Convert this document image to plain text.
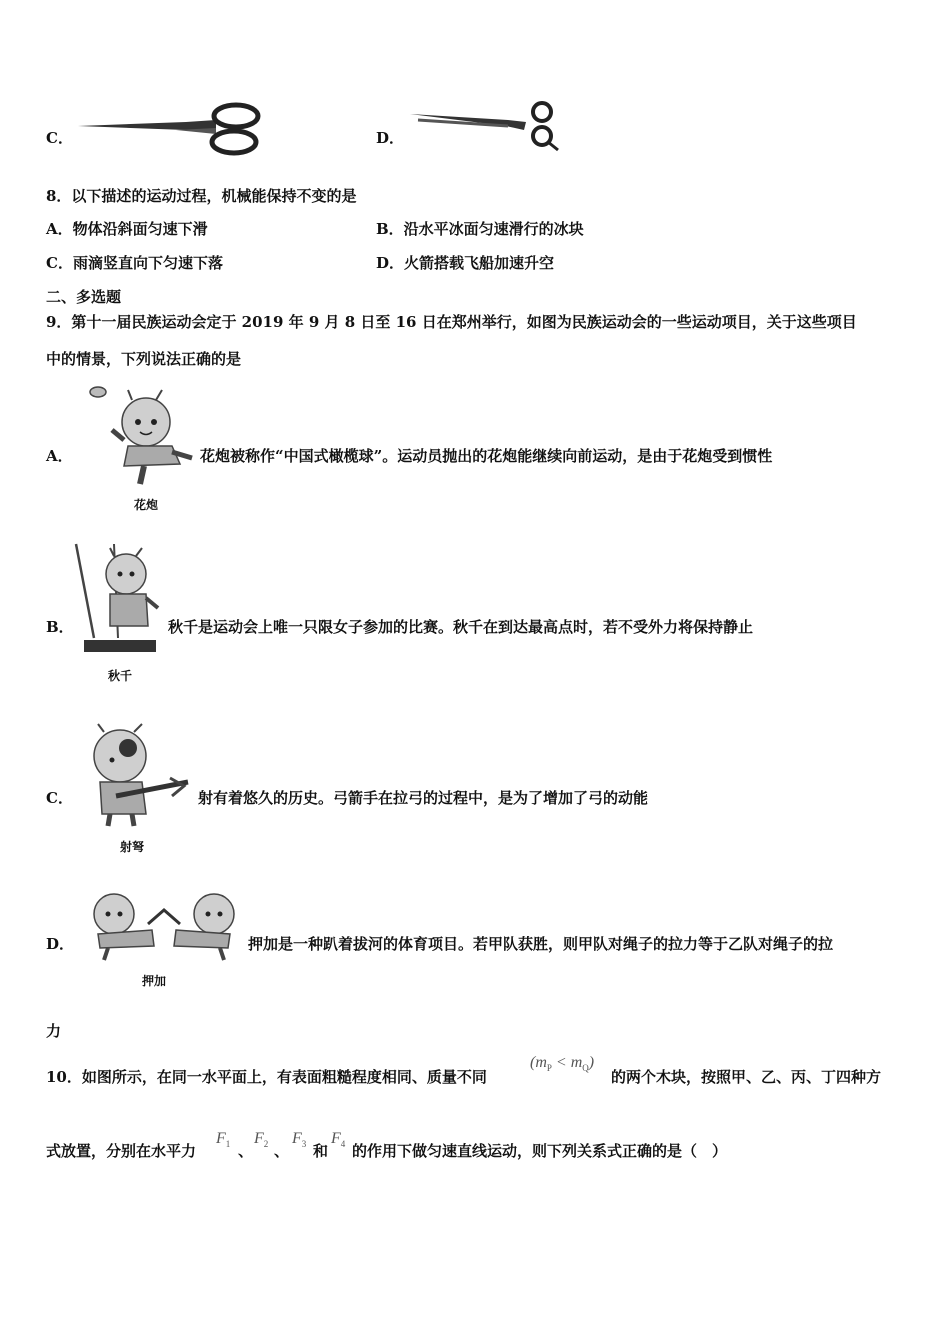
C．	D．
8．以下描述的运动过程，机械能保持不变的是
A．物体沿斜面匀速下滑	B．沿水平冰面匀速滑行的冰块
C．雨滴竖直向下匀速下落	D．火箭搭载飞船加速升空
二、多选题
9．第十一届民族运动会定于 2019 年 9 月 8 日至 16 日在郑州举行，如图为民族运动会的一些运动项目，关于这些项目
中的情景，下列说法正确的是
A．
花炮
花炮被称作“中国式橄榄球”。运动员抛出的花炮能继续向前运动，是由于花炮受到惯性
B．
秋千
秋千是运动会上唯一只限女子参加的比赛。秋千在到达最高点时，若不受外力将保持静止
C．
射弩
射有着悠久的历史。弓箭手在拉弓的过程中，是为了增加了弓的动能
D．
押加
押加是一种趴着拔河的体育项目。若甲队获胜，则甲队对绳子的拉力等于乙队对绳子的拉
力
10．如图所示，在同一水平面上，有表面粗糙程度相同、质量不同
$(m_P < m_Q)$
的两个木块，按照甲、乙、丙、丁四种方
式放置，分别在水平力
$F_1$ 、
$F_2$ 、
$F_3$ 和
$F_4$ 的作用下做匀速直线运动，则下列关系式正确的是（　）
